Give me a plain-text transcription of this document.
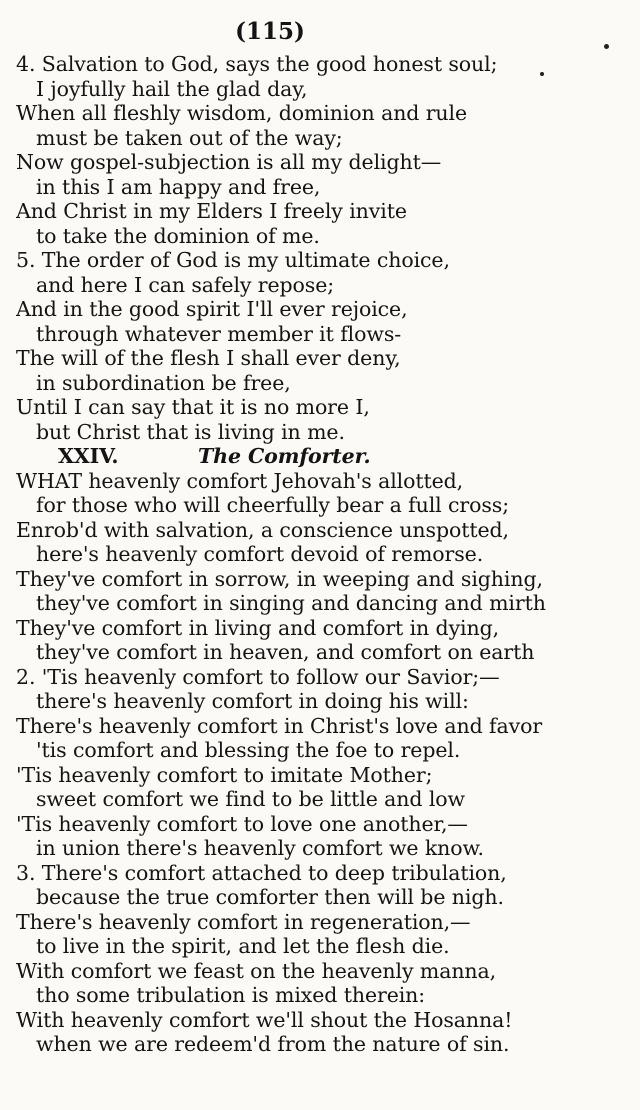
(115)
4. Salvation to God, says the good honest soul;
I joyfully hail the glad day,
When all fleshly wisdom, dominion and rule
must be taken out of the way;
Now gospel-subjection is all my delight—
in this I am happy and free,
And Christ in my Elders I freely invite
to take the dominion of me.
5. The order of God is my ultimate choice,
and here I can safely repose;
And in the good spirit I'll ever rejoice,
through whatever member it flows-
The will of the flesh I shall ever deny,
in subordination be free,
Until I can say that it is no more I,
but Christ that is living in me.
XXIV.	The Comforter.
WHAT heavenly comfort Jehovah's allotted,
for those who will cheerfully bear a full cross;
Enrob'd with salvation, a conscience unspotted,
here's heavenly comfort devoid of remorse.
They've comfort in sorrow, in weeping and sighing,
they've comfort in singing and dancing and mirth
They've comfort in living and comfort in dying,
they've comfort in heaven, and comfort on earth
2. 'Tis heavenly comfort to follow our Savior;—
there's heavenly comfort in doing his will:
There's heavenly comfort in Christ's love and favor
'tis comfort and blessing the foe to repel.
'Tis heavenly comfort to imitate Mother;
sweet comfort we find to be little and low
'Tis heavenly comfort to love one another,—
in union there's heavenly comfort we know.
3. There's comfort attached to deep tribulation,
because the true comforter then will be nigh.
There's heavenly comfort in regeneration,—
to live in the spirit, and let the flesh die.
With comfort we feast on the heavenly manna,
tho some tribulation is mixed therein:
With heavenly comfort we'll shout the Hosanna!
when we are redeem'd from the nature of sin.
